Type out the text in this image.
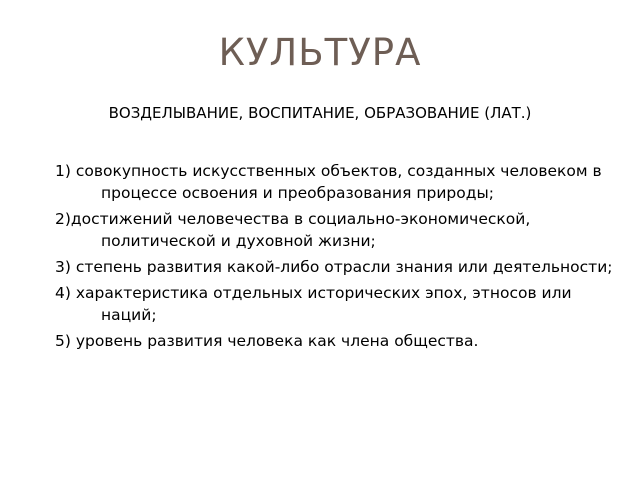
КУЛЬТУРА
ВОЗДЕЛЫВАНИЕ, ВОСПИТАНИЕ, ОБРАЗОВАНИЕ (ЛАТ.)
1) совокупность искусственных объектов, созданных человеком в процессе освоения и преобразования природы;
2)достижений человечества в социально-экономической, политической и духовной жизни;
3) степень развития какой-либо отрасли знания или деятельности;
4) характеристика отдельных исторических эпох, этносов или наций;
5) уровень развития человека как члена общества.
